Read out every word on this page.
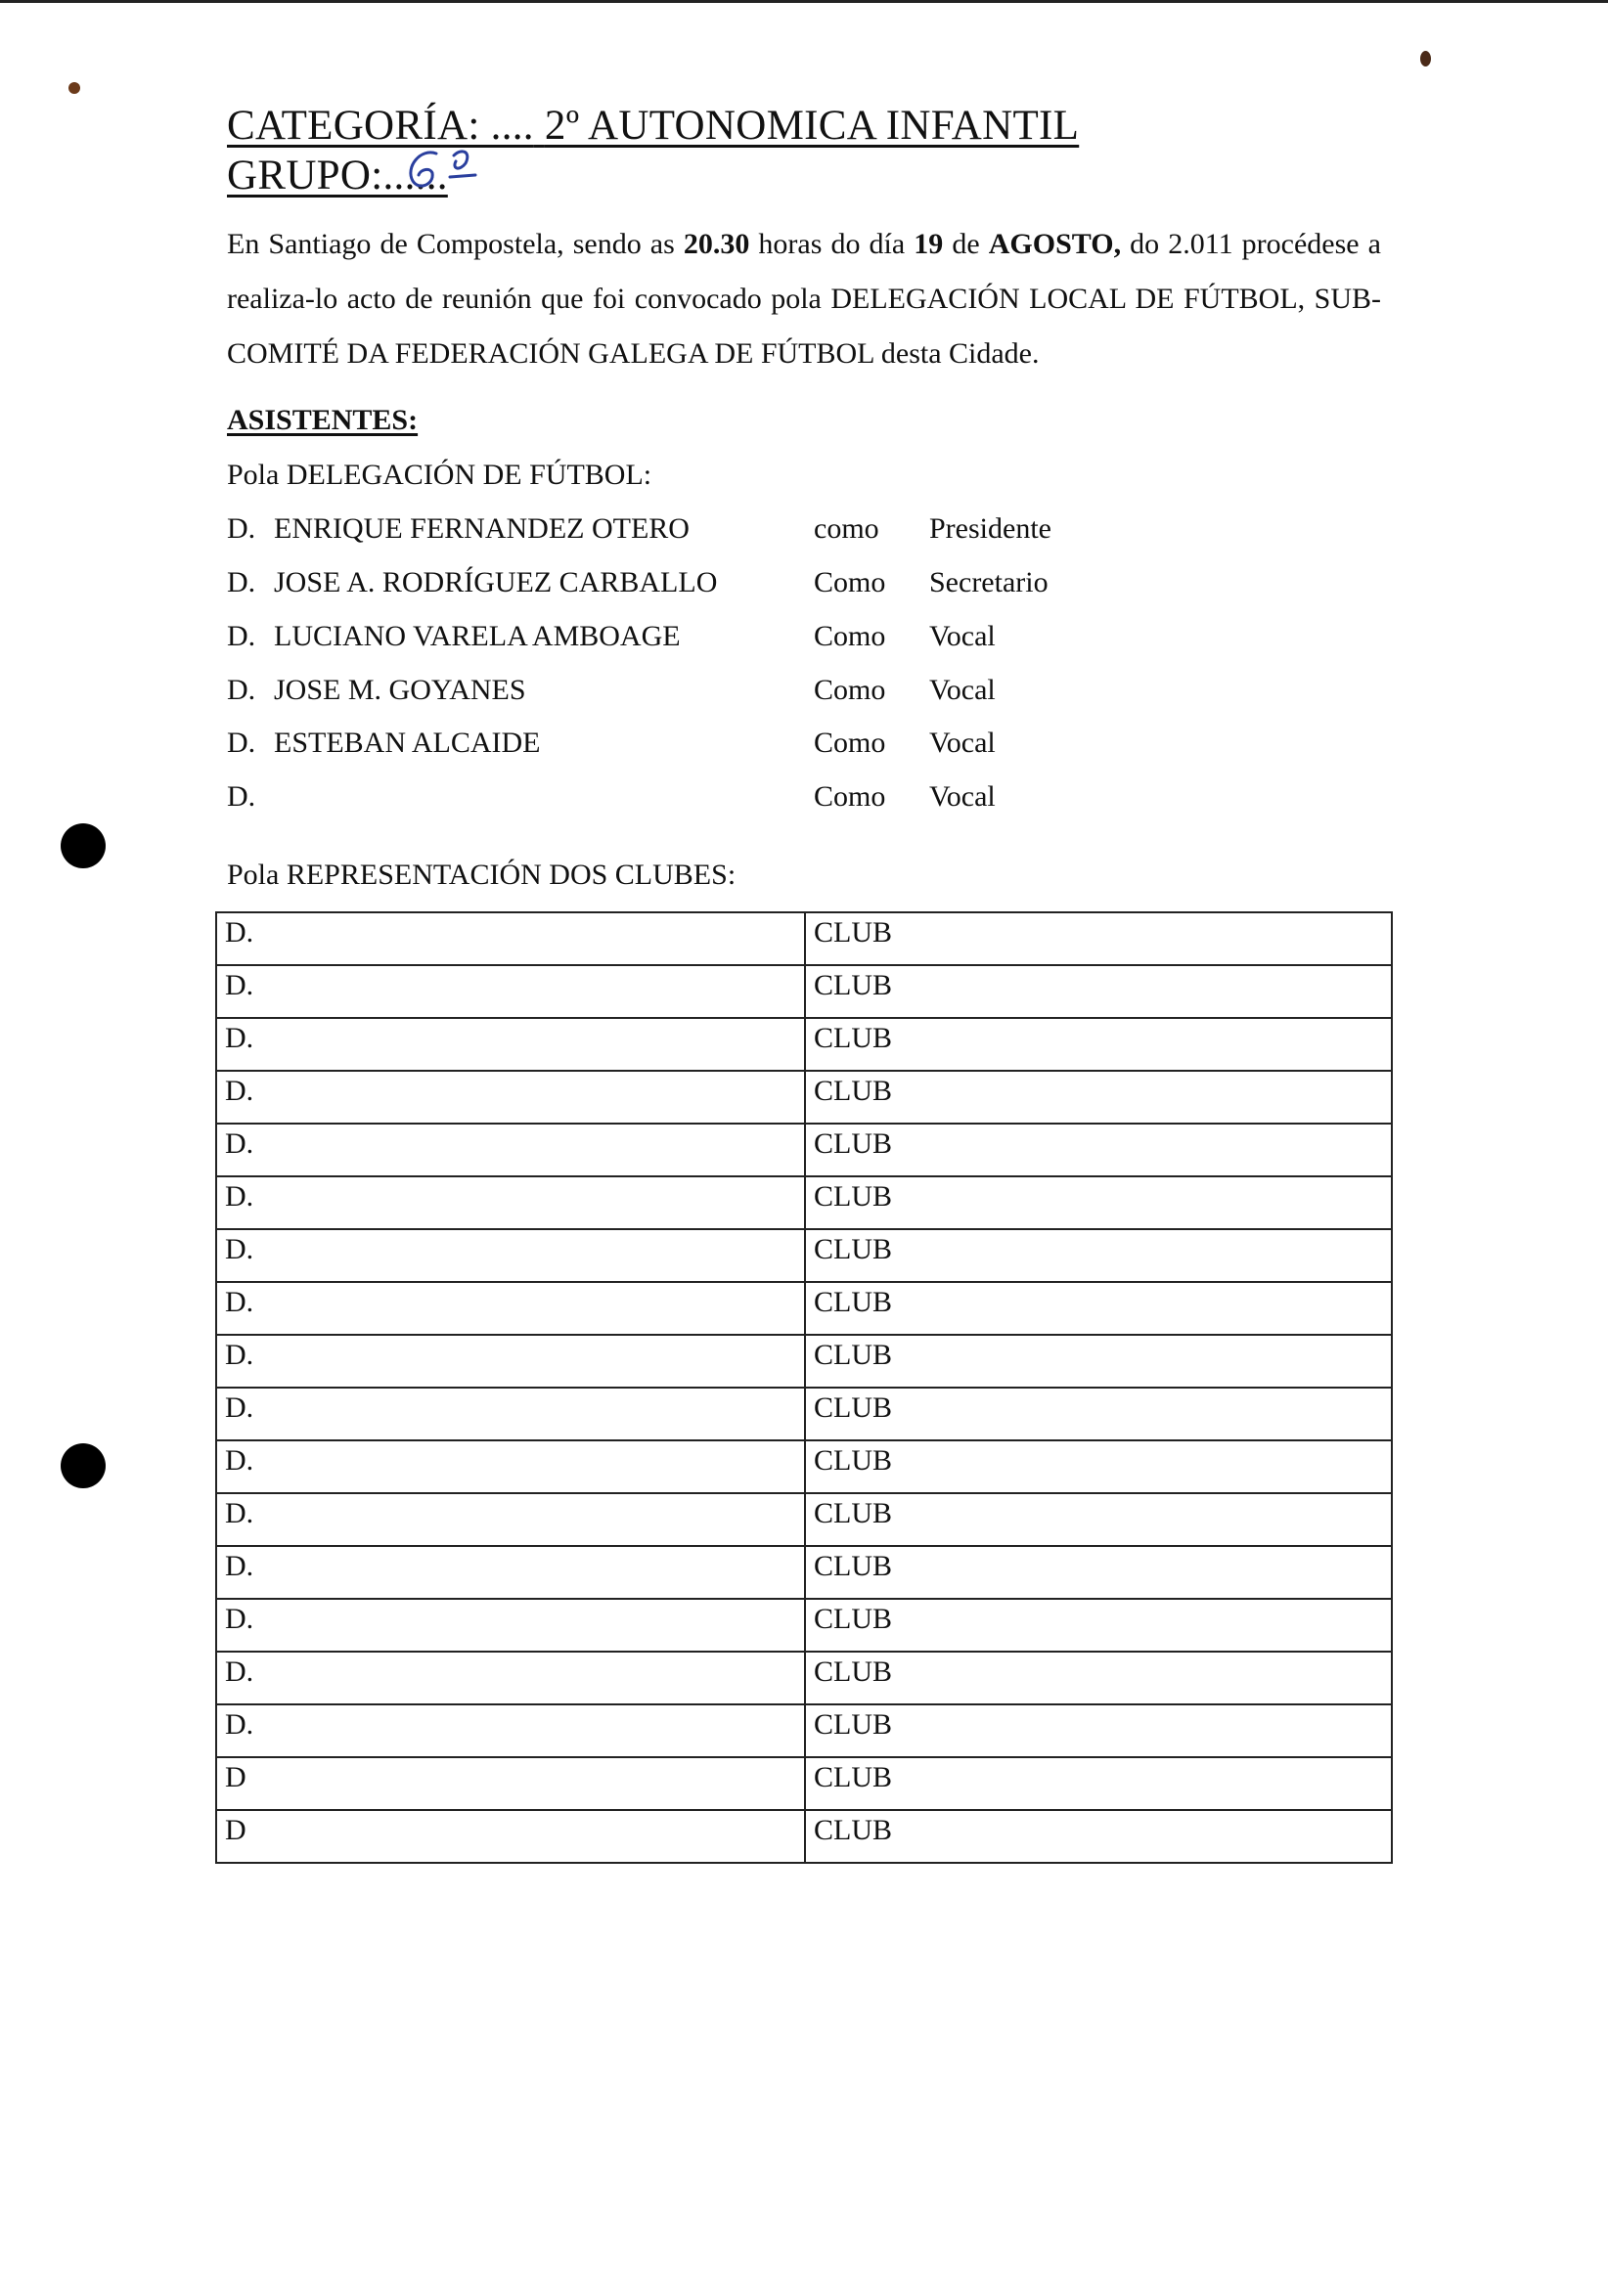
CATEGORÍA: .... 2º AUTONOMICA INFANTIL
GRUPO:......

En Santiago de Compostela, sendo as 20.30 horas do día 19 de AGOSTO, do 2.011 procédese a realiza-lo acto de reunión que foi convocado pola DELEGACIÓN LOCAL DE FÚTBOL, SUB-COMITÉ DA FEDERACIÓN GALEGA DE FÚTBOL desta Cidade.

ASISTENTES:

Pola DELEGACIÓN DE FÚTBOL:

D. ENRIQUE FERNANDEZ OTERO	como Presidente
D. JOSE A. RODRÍGUEZ CARBALLO	Como Secretario
D. LUCIANO VARELA AMBOAGE	Como Vocal
D. JOSE M. GOYANES	Como Vocal
D. ESTEBAN ALCAIDE	Como Vocal
D.	Como Vocal

Pola REPRESENTACIÓN DOS CLUBES:

D.	CLUB
D.	CLUB
D.	CLUB
D.	CLUB
D.	CLUB
D.	CLUB
D.	CLUB
D.	CLUB
D.	CLUB
D.	CLUB
D.	CLUB
D.	CLUB
D.	CLUB
D.	CLUB
D.	CLUB
D.	CLUB
D	CLUB
D	CLUB
